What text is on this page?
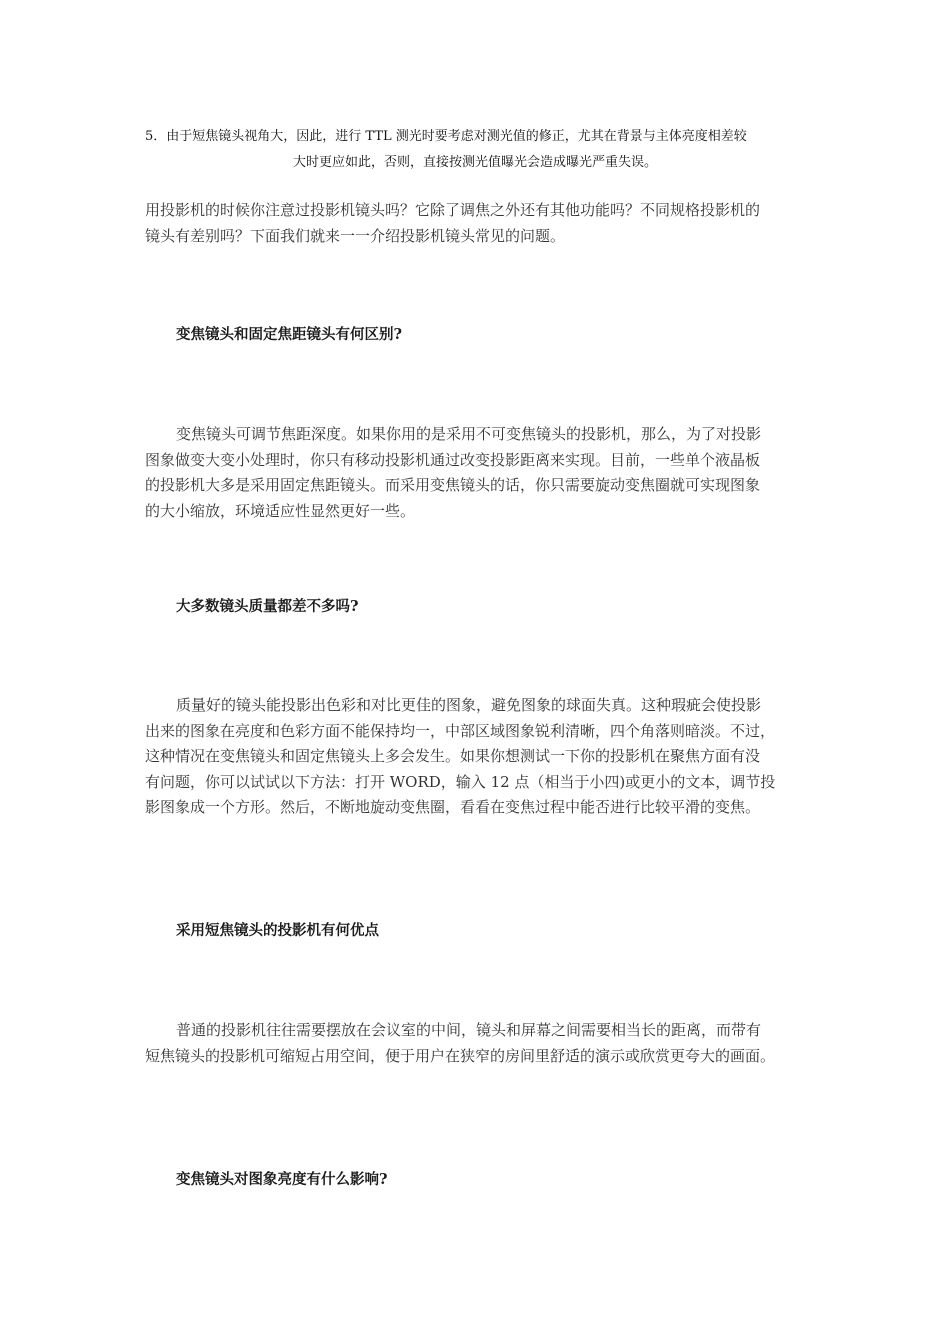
5．由于短焦镜头视角大，因此，进行 TTL 测光时要考虑对测光值的修正，尤其在背景与主体亮度相差较
大时更应如此，否则，直接按测光值曝光会造成曝光严重失误。
用投影机的时候你注意过投影机镜头吗？它除了调焦之外还有其他功能吗？不同规格投影机的
镜头有差别吗？下面我们就来一一介绍投影机镜头常见的问题。
变焦镜头和固定焦距镜头有何区别?
变焦镜头可调节焦距深度。如果你用的是采用不可变焦镜头的投影机，那么，为了对投影
图象做变大变小处理时，你只有移动投影机通过改变投影距离来实现。目前，一些单个液晶板
的投影机大多是采用固定焦距镜头。而采用变焦镜头的话，你只需要旋动变焦圈就可实现图象
的大小缩放，环境适应性显然更好一些。
大多数镜头质量都差不多吗?
质量好的镜头能投影出色彩和对比更佳的图象，避免图象的球面失真。这种瑕疵会使投影
出来的图象在亮度和色彩方面不能保持均一，中部区域图象锐利清晰，四个角落则暗淡。不过，
这种情况在变焦镜头和固定焦镜头上多会发生。如果你想测试一下你的投影机在聚焦方面有没
有问题，你可以试试以下方法：打开 WORD，输入 12 点（相当于小四)或更小的文本，调节投
影图象成一个方形。然后，不断地旋动变焦圈，看看在变焦过程中能否进行比较平滑的变焦。
采用短焦镜头的投影机有何优点
普通的投影机往往需要摆放在会议室的中间，镜头和屏幕之间需要相当长的距离，而带有
短焦镜头的投影机可缩短占用空间，便于用户在狭窄的房间里舒适的演示或欣赏更夸大的画面。
变焦镜头对图象亮度有什么影响?
